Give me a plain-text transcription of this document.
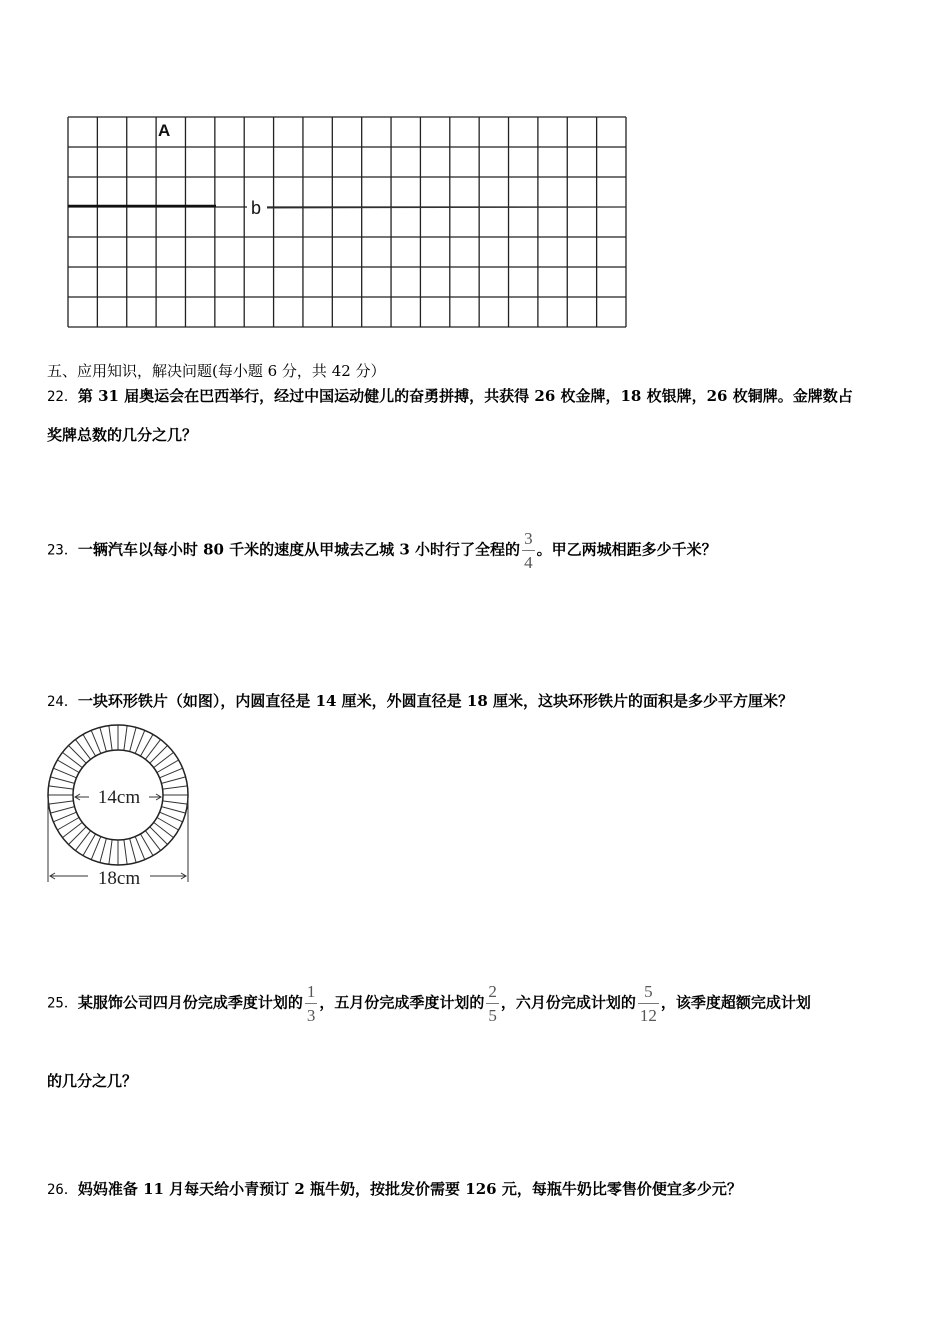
A
b
五、应用知识，解决问题(每小题 6 分，共 42 分）
22．第 31 届奥运会在巴西举行，经过中国运动健儿的奋勇拼搏，共获得 26 枚金牌，18 枚银牌，26 枚铜牌。金牌数占
奖牌总数的几分之几？
23．一辆汽车以每小时 80 千米的速度从甲城去乙城 3 小时行了全程的 $\frac{3}{4}$ 。甲乙两城相距多少千米？
24．一块环形铁片（如图），内圆直径是 14 厘米，外圆直径是 18 厘米，这块环形铁片的面积是多少平方厘米？
14cm
18cm
25．某服饰公司四月份完成季度计划的 $\frac{1}{3}$ ，五月份完成季度计划的 $\frac{2}{5}$ ，六月份完成计划的 $\frac{5}{12}$ ，该季度超额完成计划
的几分之几？
26．妈妈准备 11 月每天给小青预订 2 瓶牛奶，按批发价需要 126 元，每瓶牛奶比零售价便宜多少元？
